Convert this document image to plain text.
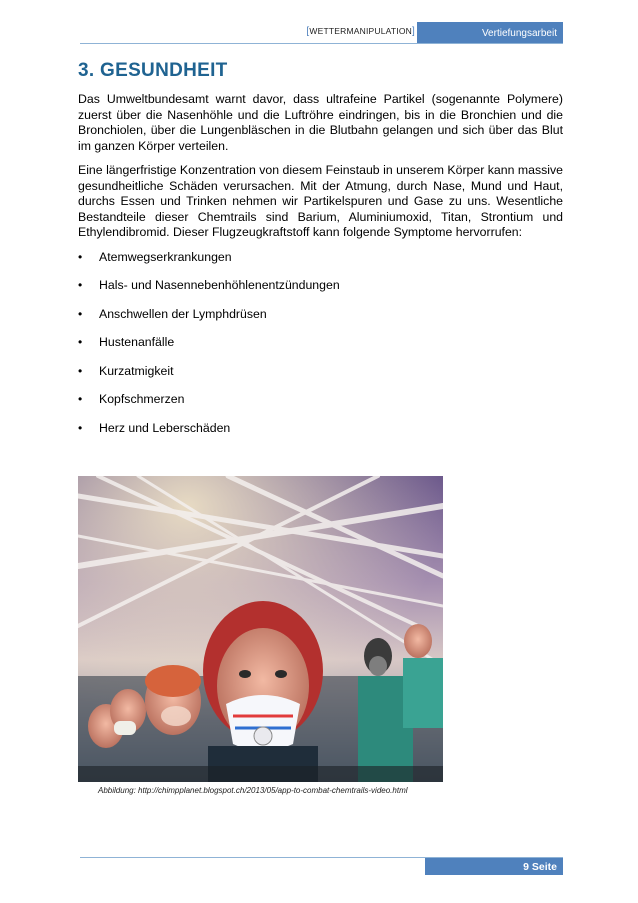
[WETTERMANIPULATION]	Vertiefungsarbeit
3. GESUNDHEIT

Das Umweltbundesamt warnt davor, dass ultrafeine Partikel (sogenannte Polymere) zuerst über die Nasenhöhle und die Luftröhre eindringen, bis in die Bronchien und die Bronchiolen, über die Lungenbläschen in die Blutbahn gelangen und sich über das Blut im ganzen Körper verteilen.

Eine längerfristige Konzentration von diesem Feinstaub in unserem Körper kann massive gesundheitliche Schäden verursachen. Mit der Atmung, durch Nase, Mund und Haut, durchs Essen und Trinken nehmen wir Partikelspuren und Gase zu uns. Wesentliche Bestandteile dieser Chemtrails sind Barium, Aluminiumoxid, Titan, Strontium und Ethylendibromid. Dieser Flugzeugkraftstoff kann folgende Symptome hervorrufen:

• Atemwegserkrankungen
• Hals- und Nasennebenhöhlenentzündungen
• Anschwellen der Lymphdrüsen
• Hustenanfälle
• Kurzatmigkeit
• Kopfschmerzen
• Herz und Leberschäden
Abbildung: http://chimpplanet.blogspot.ch/2013/05/app-to-combat-chemtrails-video.html
9 Seite
